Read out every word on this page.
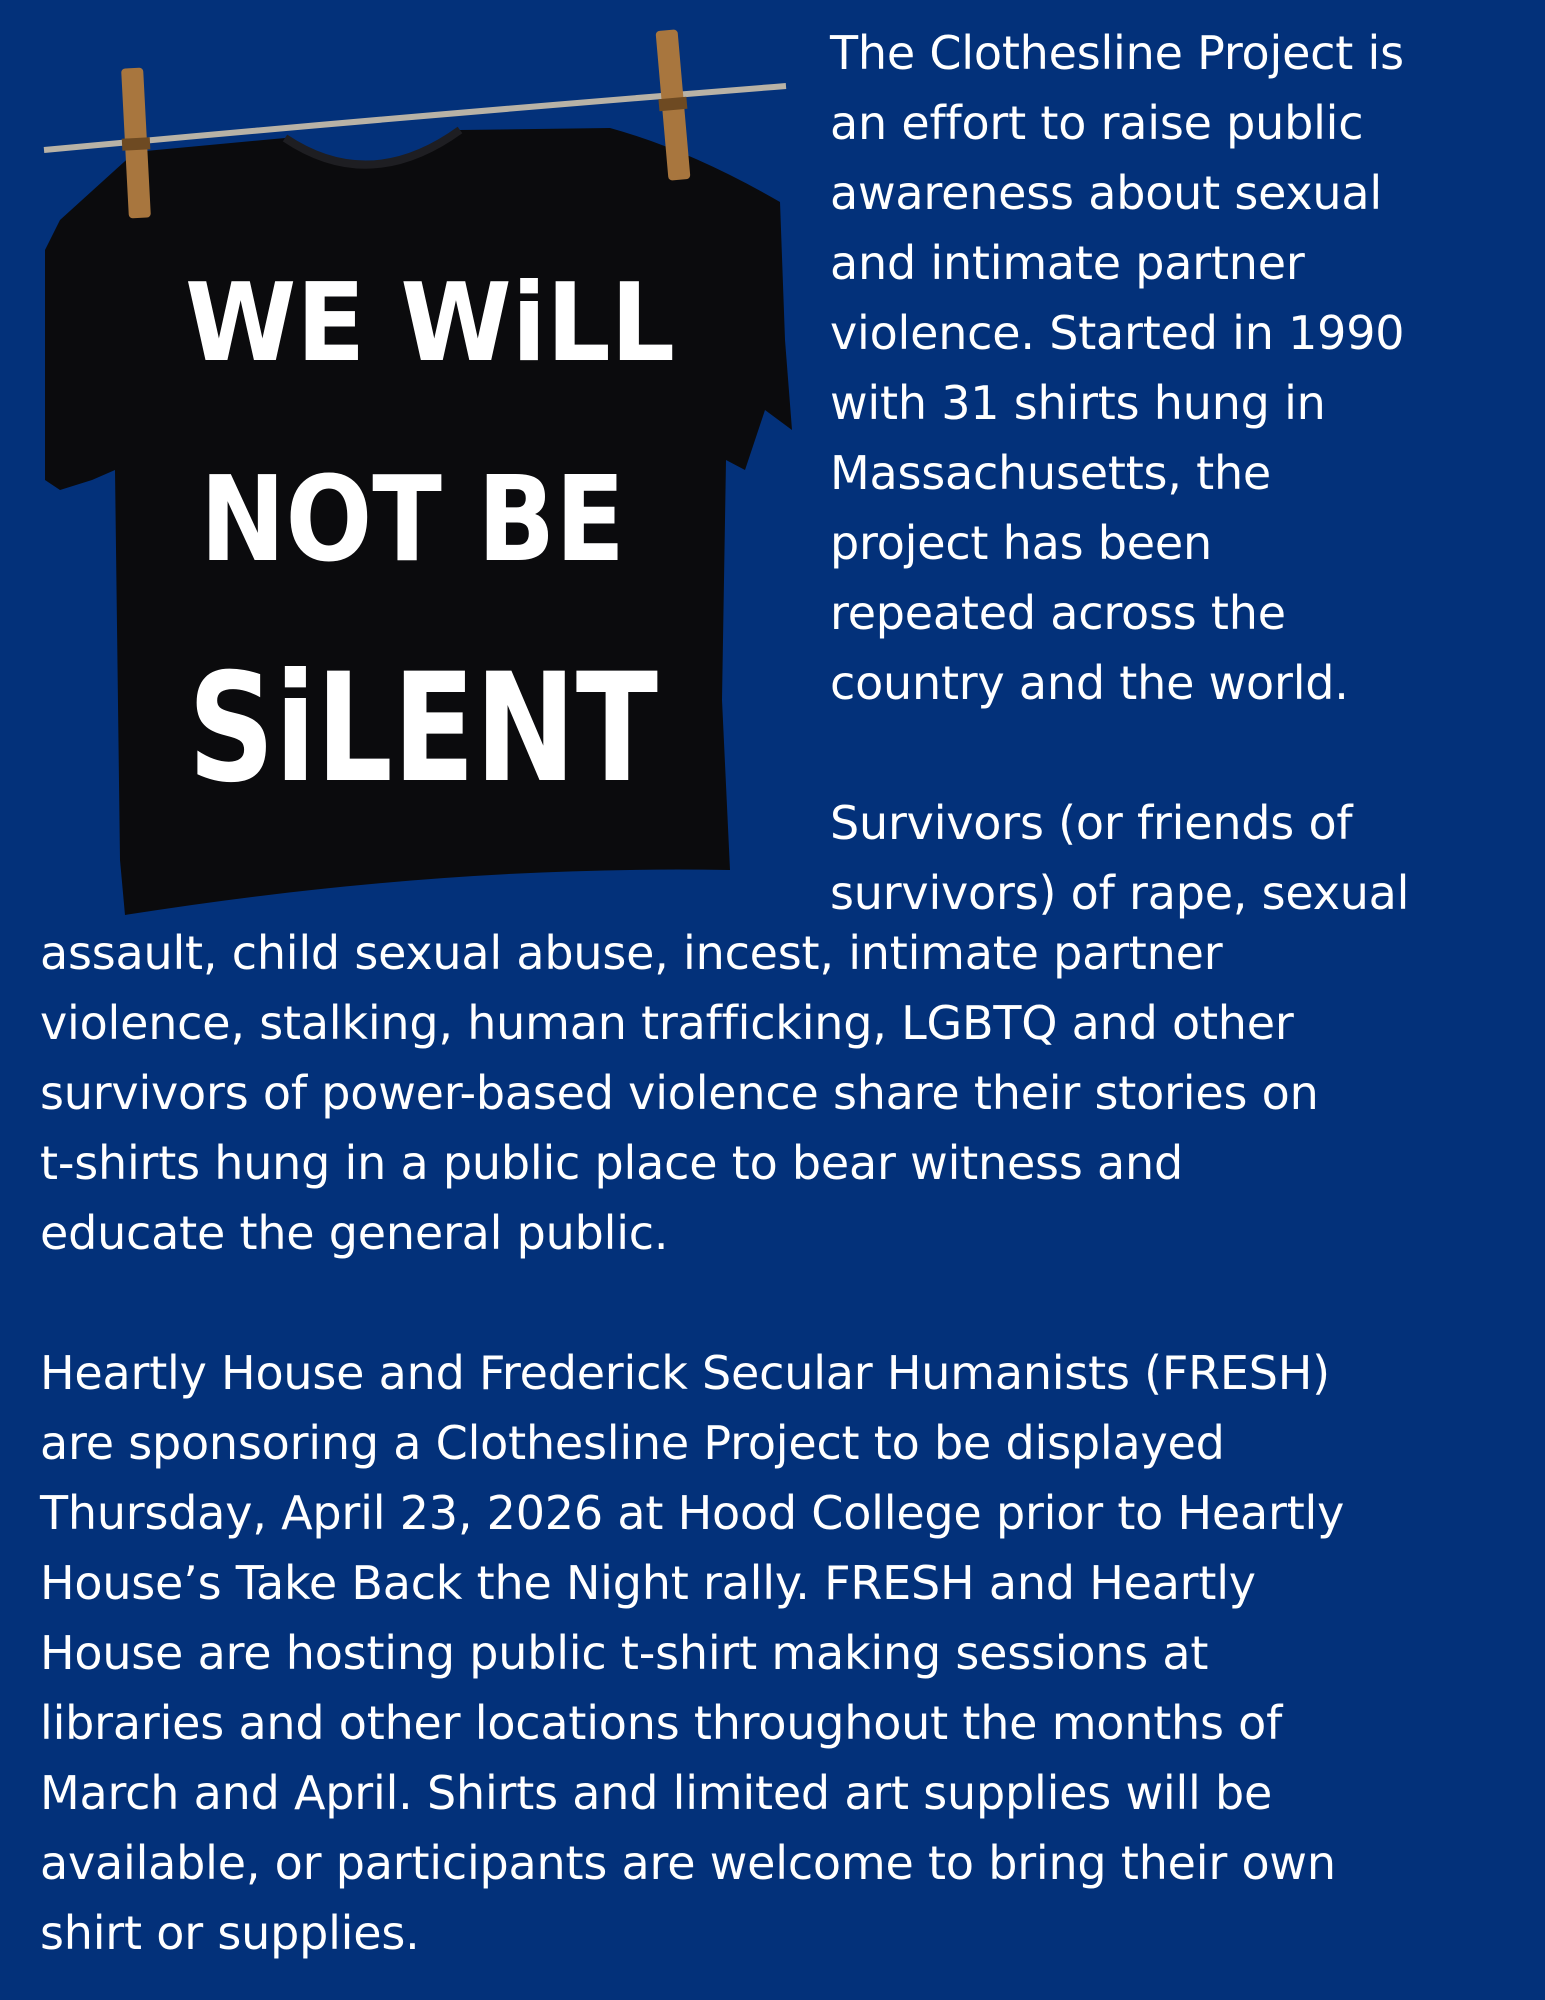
WE WiLL
NOT BE
SiLENT

The Clothesline Project is
an effort to raise public
awareness about sexual
and intimate partner
violence. Started in 1990
with 31 shirts hung in
Massachusetts, the
project has been
repeated across the
country and the world.

Survivors (or friends of
survivors) of rape, sexual

assault, child sexual abuse, incest, intimate partner
violence, stalking, human trafficking, LGBTQ and other
survivors of power-based violence share their stories on
t-shirts hung in a public place to bear witness and
educate the general public.

Heartly House and Frederick Secular Humanists (FRESH)
are sponsoring a Clothesline Project to be displayed
Thursday, April 23, 2026 at Hood College prior to Heartly
House’s Take Back the Night rally. FRESH and Heartly
House are hosting public t-shirt making sessions at
libraries and other locations throughout the months of
March and April. Shirts and limited art supplies will be
available, or participants are welcome to bring their own
shirt or supplies.
